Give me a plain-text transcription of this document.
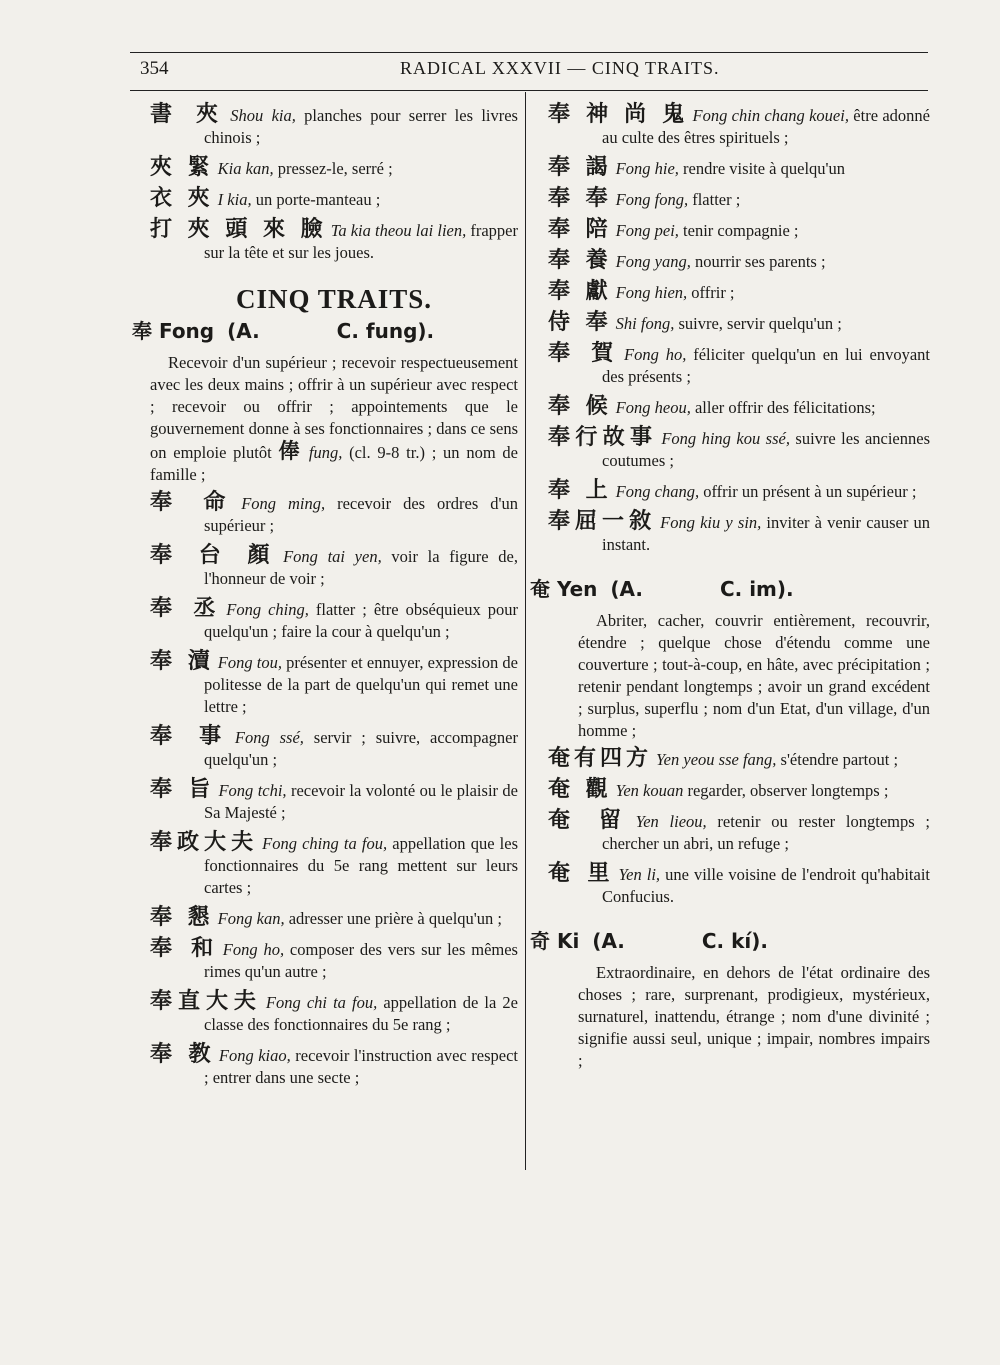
354	RADICAL XXXVII — CINQ TRAITS.
書 夾 Shou kia, planches pour serrer les livres chinois ;
夾 緊 Kia kan, pressez-le, serré ;
衣 夾 I kia, un porte-manteau ;
打 夾 頭 來 臉 Ta kia theou lai lien, frapper sur la tête et sur les joues.
CINQ TRAITS.
奉 Fong (A.	C. fung).
Recevoir d'un supérieur ; recevoir respectueusement avec les deux mains ; offrir à un supérieur avec respect ; recevoir ou offrir ; appointements que le gouvernement donne à ses fonctionnaires ; dans ce sens on emploie plutôt 俸 fung, (cl. 9-8 tr.) ; un nom de famille ;
奉 命 Fong ming, recevoir des ordres d'un supérieur ;
奉 台 顏 Fong tai yen, voir la figure de, l'honneur de voir ;
奉 丞 Fong ching, flatter ; être obséquieux pour quelqu'un ; faire la cour à quelqu'un ;
奉 瀆 Fong tou, présenter et ennuyer, expression de politesse de la part de quelqu'un qui remet une lettre ;
奉 事 Fong ssé, servir ; suivre, accompagner quelqu'un ;
奉 旨 Fong tchi, recevoir la volonté ou le plaisir de Sa Majesté ;
奉政大夫 Fong ching ta fou, appellation que les fonctionnaires du 5e rang mettent sur leurs cartes ;
奉 懇 Fong kan, adresser une prière à quelqu'un ;
奉 和 Fong ho, composer des vers sur les mêmes rimes qu'un autre ;
奉直大夫 Fong chi ta fou, appellation de la 2e classe des fonctionnaires du 5e rang ;
奉 教 Fong kiao, recevoir l'instruction avec respect ; entrer dans une secte ;
奉 神 尚 鬼 Fong chin chang kouei, être adonné au culte des êtres spirituels ;
奉 謁 Fong hie, rendre visite à quelqu'un
奉 奉 Fong fong, flatter ;
奉 陪 Fong pei, tenir compagnie ;
奉 養 Fong yang, nourrir ses parents ;
奉 獻 Fong hien, offrir ;
侍 奉 Shi fong, suivre, servir quelqu'un ;
奉 賀 Fong ho, féliciter quelqu'un en lui envoyant des présents ;
奉 候 Fong heou, aller offrir des félicitations;
奉行故事 Fong hing kou ssé, suivre les anciennes coutumes ;
奉 上 Fong chang, offrir un présent à un supérieur ;
奉屈一敘 Fong kiu y sin, inviter à venir causer un instant.
奄 Yen (A.	C. im).
Abriter, cacher, couvrir entièrement, recouvrir, étendre ; quelque chose d'étendu comme une couverture ; tout-à-coup, en hâte, avec précipitation ; retenir pendant longtemps ; avoir un grand excédent ; surplus, superflu ; nom d'un Etat, d'un village, d'un homme ;
奄有四方 Yen yeou sse fang, s'étendre partout ;
奄 觀 Yen kouan regarder, observer longtemps ;
奄 留 Yen lieou, retenir ou rester longtemps ; chercher un abri, un refuge ;
奄 里 Yen li, une ville voisine de l'endroit qu'habitait Confucius.
奇 Ki (A.	C. kí).
Extraordinaire, en dehors de l'état ordinaire des choses ; rare, surprenant, prodigieux, mystérieux, surnaturel, inattendu, étrange ; nom d'une divinité ; signifie aussi seul, unique ; impair, nombres impairs ;
